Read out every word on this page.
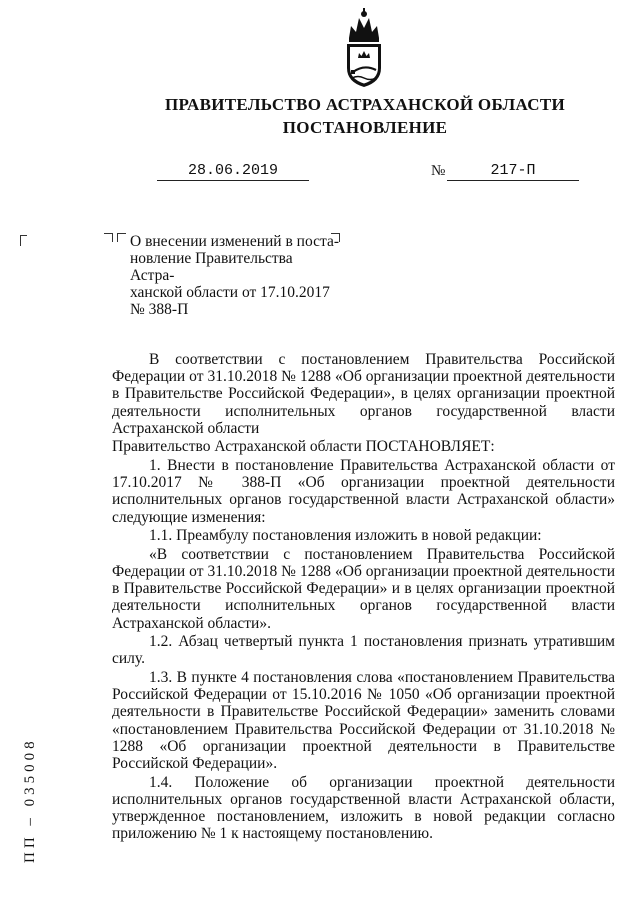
ПРАВИТЕЛЬСТВО АСТРАХАНСКОЙ ОБЛАСТИ
ПОСТАНОВЛЕНИЕ
28.06.2019	№	217-П
О внесении изменений в поста-
новление Правительства Астра-
ханской области от 17.10.2017
№ 388-П

В соответствии с постановлением Правительства Российской Федерации от 31.10.2018 № 1288 «Об организации проектной деятельности в Правительстве Российской Федерации», в целях организации проектной деятельности исполнительных органов государственной власти Астраханской области

Правительство Астраханской области ПОСТАНОВЛЯЕТ:

1. Внести в постановление Правительства Астраханской области от 17.10.2017 № 388-П «Об организации проектной деятельности исполнительных органов государственной власти Астраханской области» следующие изменения:

1.1. Преамбулу постановления изложить в новой редакции:

«В соответствии с постановлением Правительства Российской Федерации от 31.10.2018 № 1288 «Об организации проектной деятельности в Правительстве Российской Федерации» и в целях организации проектной деятельности исполнительных органов государственной власти Астраханской области».

1.2. Абзац четвертый пункта 1 постановления признать утратившим силу.

1.3. В пункте 4 постановления слова «постановлением Правительства Российской Федерации от 15.10.2016 № 1050 «Об организации проектной деятельности в Правительстве Российской Федерации» заменить словами «постановлением Правительства Российской Федерации от 31.10.2018 № 1288 «Об организации проектной деятельности в Правительстве Российской Федерации».

1.4. Положение об организации проектной деятельности исполнительных органов государственной власти Астраханской области, утвержденное постановлением, изложить в новой редакции согласно приложению № 1 к настоящему постановлению.

ПП – 035008
